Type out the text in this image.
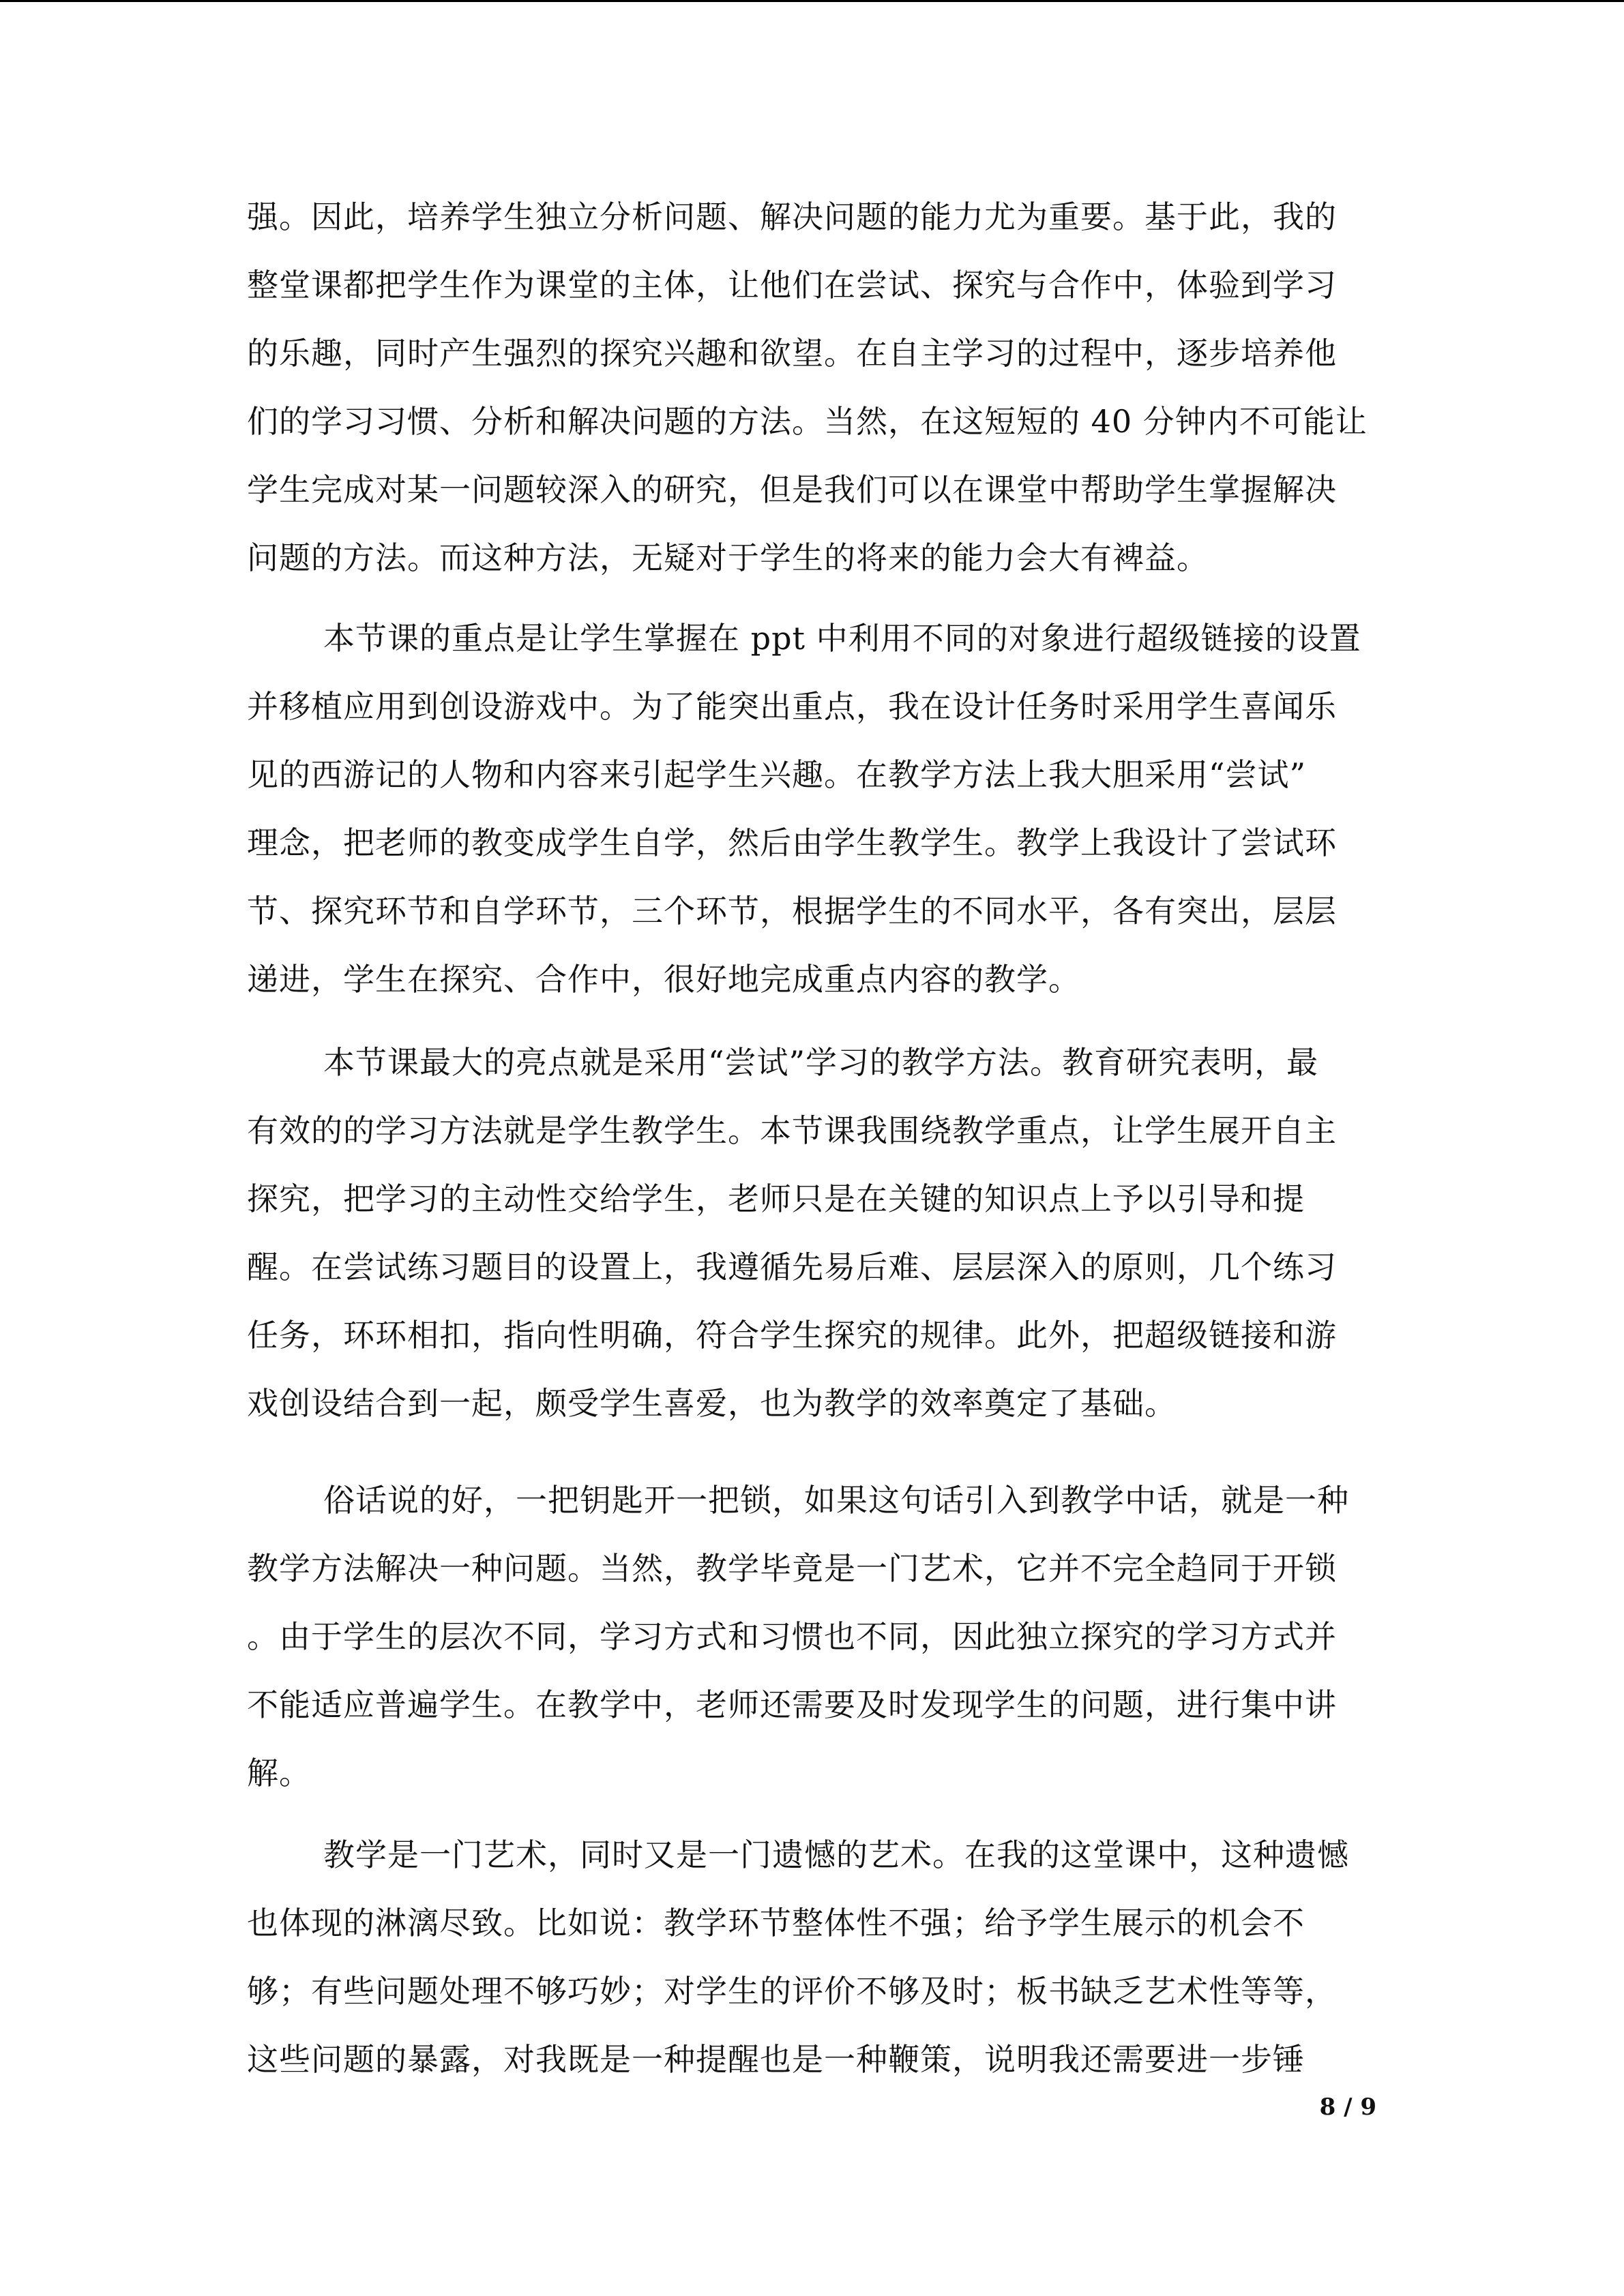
强。因此，培养学生独立分析问题、解决问题的能力尤为重要。基于此，我的
整堂课都把学生作为课堂的主体，让他们在尝试、探究与合作中，体验到学习
的乐趣，同时产生强烈的探究兴趣和欲望。在自主学习的过程中，逐步培养他
们的学习习惯、分析和解决问题的方法。当然，在这短短的 40 分钟内不可能让
学生完成对某一问题较深入的研究，但是我们可以在课堂中帮助学生掌握解决
问题的方法。而这种方法，无疑对于学生的将来的能力会大有裨益。
本节课的重点是让学生掌握在 ppt 中利用不同的对象进行超级链接的设置
并移植应用到创设游戏中。为了能突出重点，我在设计任务时采用学生喜闻乐
见的西游记的人物和内容来引起学生兴趣。在教学方法上我大胆采用“尝试”
理念，把老师的教变成学生自学，然后由学生教学生。教学上我设计了尝试环
节、探究环节和自学环节，三个环节，根据学生的不同水平，各有突出，层层
递进，学生在探究、合作中，很好地完成重点内容的教学。
本节课最大的亮点就是采用“尝试”学习的教学方法。教育研究表明，最
有效的的学习方法就是学生教学生。本节课我围绕教学重点，让学生展开自主
探究，把学习的主动性交给学生，老师只是在关键的知识点上予以引导和提
醒。在尝试练习题目的设置上，我遵循先易后难、层层深入的原则，几个练习
任务，环环相扣，指向性明确，符合学生探究的规律。此外，把超级链接和游
戏创设结合到一起，颇受学生喜爱，也为教学的效率奠定了基础。
俗话说的好，一把钥匙开一把锁，如果这句话引入到教学中话，就是一种
教学方法解决一种问题。当然，教学毕竟是一门艺术，它并不完全趋同于开锁
。由于学生的层次不同，学习方式和习惯也不同，因此独立探究的学习方式并
不能适应普遍学生。在教学中，老师还需要及时发现学生的问题，进行集中讲
解。
教学是一门艺术，同时又是一门遗憾的艺术。在我的这堂课中，这种遗憾
也体现的淋漓尽致。比如说：教学环节整体性不强；给予学生展示的机会不
够；有些问题处理不够巧妙；对学生的评价不够及时；板书缺乏艺术性等等，
这些问题的暴露，对我既是一种提醒也是一种鞭策，说明我还需要进一步锤
8 / 9
